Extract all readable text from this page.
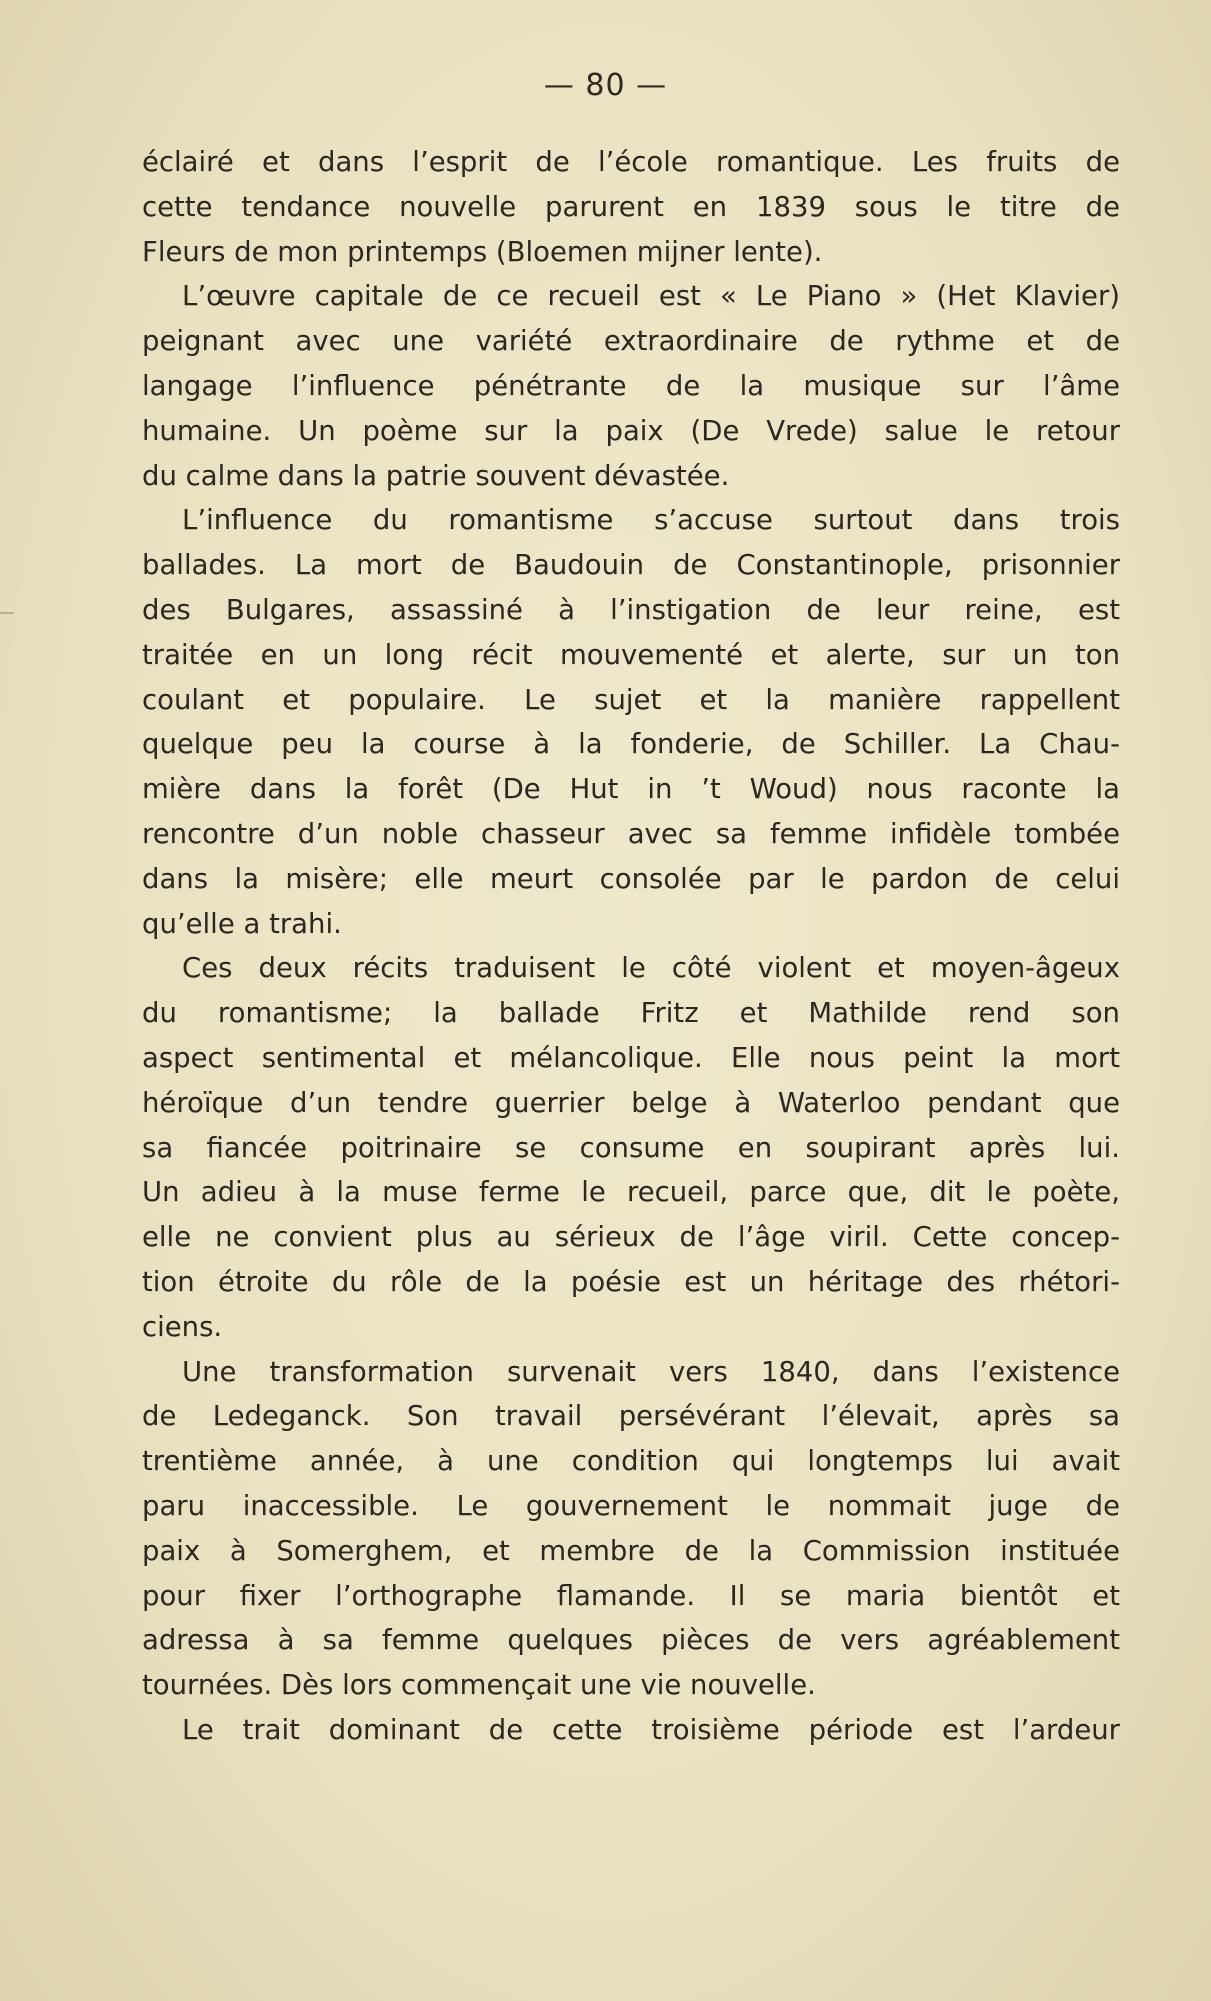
— 80 —
éclairé et dans l’esprit de l’école romantique. Les fruits de
cette tendance nouvelle parurent en 1839 sous le titre de
Fleurs de mon printemps (Bloemen mijner lente).
L’œuvre capitale de ce recueil est « Le Piano » (Het Klavier)
peignant avec une variété extraordinaire de rythme et de
langage l’influence pénétrante de la musique sur l’âme
humaine. Un poème sur la paix (De Vrede) salue le retour
du calme dans la patrie souvent dévastée.
L’influence du romantisme s’accuse surtout dans trois
ballades. La mort de Baudouin de Constantinople, prisonnier
des Bulgares, assassiné à l’instigation de leur reine, est
traitée en un long récit mouvementé et alerte, sur un ton
coulant et populaire. Le sujet et la manière rappellent
quelque peu la course à la fonderie, de Schiller. La Chau-
mière dans la forêt (De Hut in ’t Woud) nous raconte la
rencontre d’un noble chasseur avec sa femme infidèle tombée
dans la misère; elle meurt consolée par le pardon de celui
qu’elle a trahi.
Ces deux récits traduisent le côté violent et moyen-âgeux
du romantisme; la ballade Fritz et Mathilde rend son
aspect sentimental et mélancolique. Elle nous peint la mort
héroïque d’un tendre guerrier belge à Waterloo pendant que
sa fiancée poitrinaire se consume en soupirant après lui.
Un adieu à la muse ferme le recueil, parce que, dit le poète,
elle ne convient plus au sérieux de l’âge viril. Cette concep-
tion étroite du rôle de la poésie est un héritage des rhétori-
ciens.
Une transformation survenait vers 1840, dans l’existence
de Ledeganck. Son travail persévérant l’élevait, après sa
trentième année, à une condition qui longtemps lui avait
paru inaccessible. Le gouvernement le nommait juge de
paix à Somerghem, et membre de la Commission instituée
pour fixer l’orthographe flamande. Il se maria bientôt et
adressa à sa femme quelques pièces de vers agréablement
tournées. Dès lors commençait une vie nouvelle.
Le trait dominant de cette troisième période est l’ardeur
